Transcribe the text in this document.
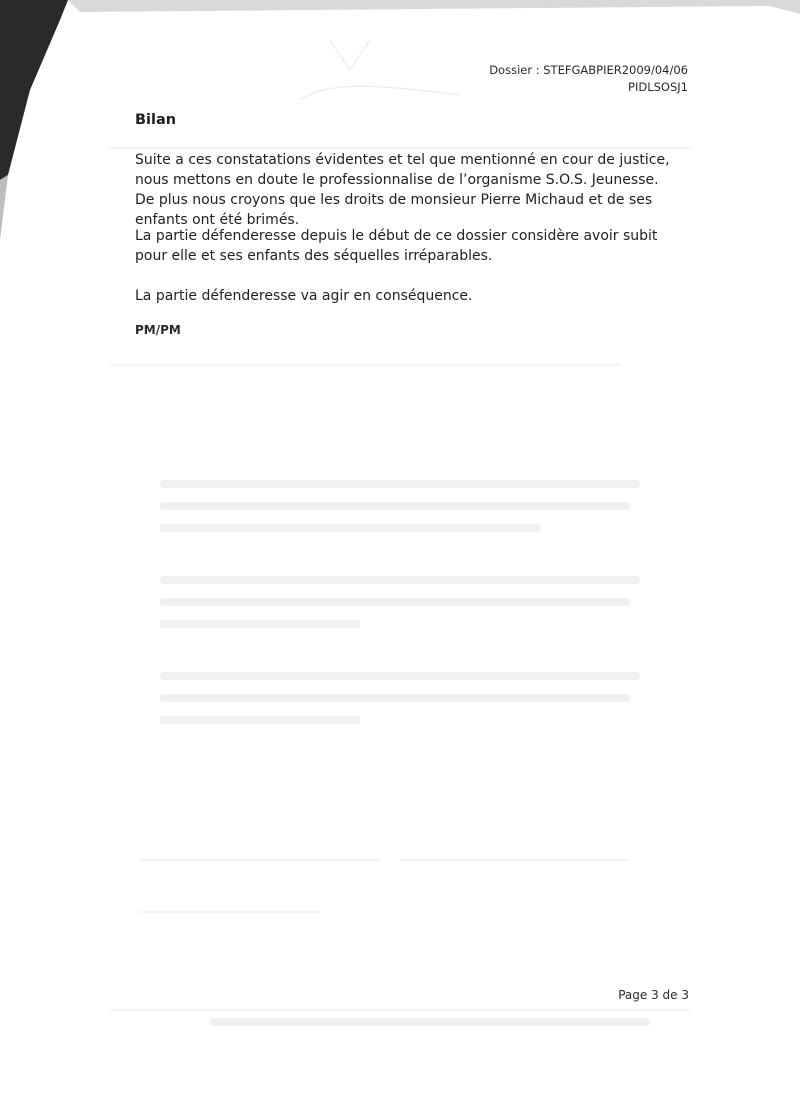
Dossier : STEFGABPIER2009/04/06
PIDLSOSJ1
Bilan

Suite a ces constatations évidentes et tel que mentionné en cour de justice, nous mettons en doute le professionnalise de l’organisme S.O.S. Jeunesse. De plus nous croyons que les droits de monsieur Pierre Michaud et de ses enfants ont été brimés.

La partie défenderesse depuis le début de ce dossier considère avoir subit pour elle et ses enfants des séquelles irréparables.

La partie défenderesse va agir en conséquence.

PM/PM
Page 3 de 3
